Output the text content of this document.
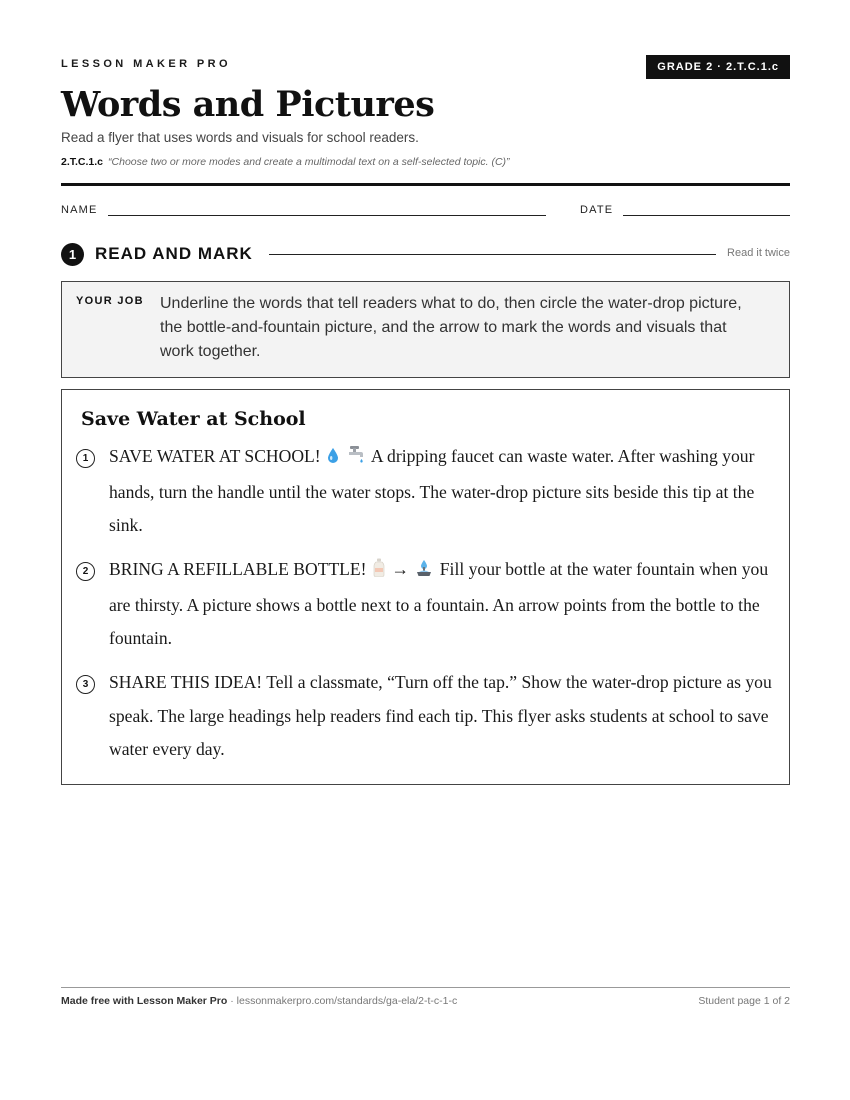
LESSON MAKER PRO	GRADE 2 · 2.T.C.1.c
Words and Pictures
Read a flyer that uses words and visuals for school readers.
2.T.C.1.c “Choose two or more modes and create a multimodal text on a self-selected topic. (C)”
NAME	DATE
1	READ AND MARK	Read it twice
YOUR JOB Underline the words that tell readers what to do, then circle the water-drop picture, the bottle-and-fountain picture, and the arrow to mark the words and visuals that work together.
Save Water at School
1	SAVE WATER AT SCHOOL!	A dripping faucet can waste water. After washing your hands, turn the handle until the water stops. The water-drop picture sits beside this tip at the sink.
2	BRING A REFILLABLE BOTTLE! → Fill your bottle at the water fountain when you are thirsty. A picture shows a bottle next to a fountain. An arrow points from the bottle to the fountain.
3	SHARE THIS IDEA! Tell a classmate, “Turn off the tap.” Show the water-drop picture as you speak. The large headings help readers find each tip. This flyer asks students at school to save water every day.
Made free with Lesson Maker Pro · lessonmakerpro.com/standards/ga-ela/2-t-c-1-c	Student page 1 of 2
